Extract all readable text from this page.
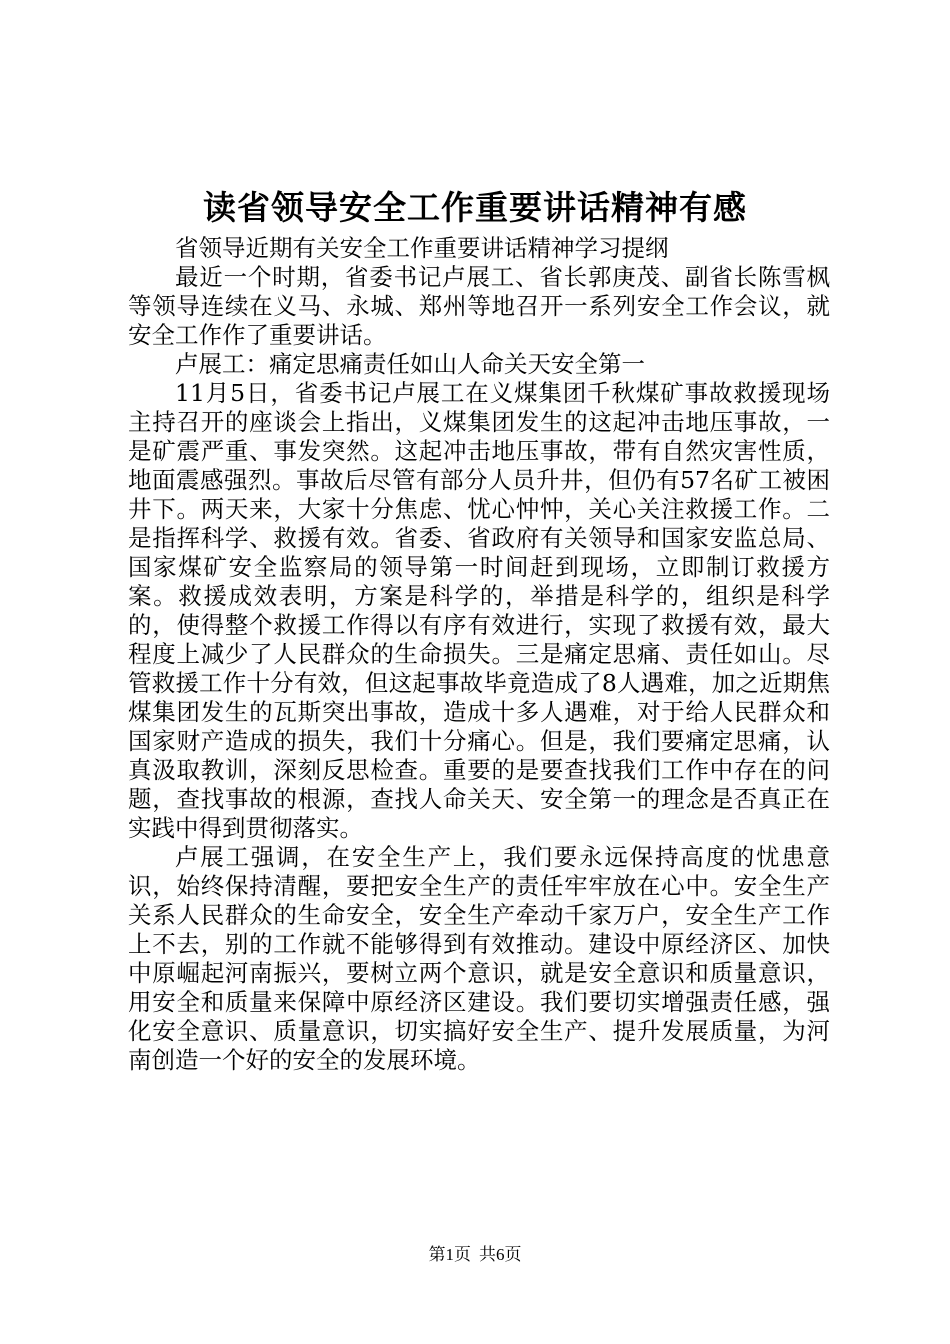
读省领导安全工作重要讲话精神有感

省领导近期有关安全工作重要讲话精神学习提纲

最近一个时期，省委书记卢展工、省长郭庚茂、副省长陈雪枫等领导连续在义马、永城、郑州等地召开一系列安全工作会议，就安全工作作了重要讲话。

卢展工：痛定思痛责任如山人命关天安全第一

11月5日，省委书记卢展工在义煤集团千秋煤矿事故救援现场主持召开的座谈会上指出，义煤集团发生的这起冲击地压事故，一是矿震严重、事发突然。这起冲击地压事故，带有自然灾害性质，地面震感强烈。事故后尽管有部分人员升井，但仍有57名矿工被困井下。两天来，大家十分焦虑、忧心忡忡，关心关注救援工作。二是指挥科学、救援有效。省委、省政府有关领导和国家安监总局、国家煤矿安全监察局的领导第一时间赶到现场，立即制订救援方案。救援成效表明，方案是科学的，举措是科学的，组织是科学的，使得整个救援工作得以有序有效进行，实现了救援有效，最大程度上减少了人民群众的生命损失。三是痛定思痛、责任如山。尽管救援工作十分有效，但这起事故毕竟造成了8人遇难，加之近期焦煤集团发生的瓦斯突出事故，造成十多人遇难，对于给人民群众和国家财产造成的损失，我们十分痛心。但是，我们要痛定思痛，认真汲取教训，深刻反思检查。重要的是要查找我们工作中存在的问题，查找事故的根源，查找人命关天、安全第一的理念是否真正在实践中得到贯彻落实。

卢展工强调，在安全生产上，我们要永远保持高度的忧患意识，始终保持清醒，要把安全生产的责任牢牢放在心中。安全生产关系人民群众的生命安全，安全生产牵动千家万户，安全生产工作上不去，别的工作就不能够得到有效推动。建设中原经济区、加快中原崛起河南振兴，要树立两个意识，就是安全意识和质量意识，用安全和质量来保障中原经济区建设。我们要切实增强责任感，强化安全意识、质量意识，切实搞好安全生产、提升发展质量，为河南创造一个好的安全的发展环境。

第1页 共6页
